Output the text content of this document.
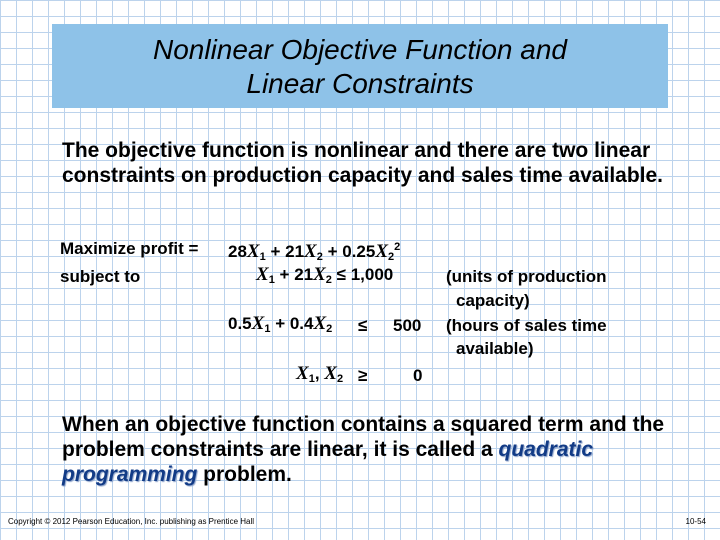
Nonlinear Objective Function and
Linear Constraints
The objective function is nonlinear and there are two linear constraints on production capacity and sales time available.
Maximize profit = $28X_1 + 21X_2 + 0.25X_2^2$
subject to	$X_1 + 21X_2 \le 1,000$	(units of production
capacity)
$0.5X_1 + 0.4X_2 \le 500$ (hours of sales time
available)
$X_1$, $X_2$ ≥	0
When an objective function contains a squared term and the problem constraints are linear, it is called a quadratic programming problem.
Copyright © 2012 Pearson Education, Inc. publishing as Prentice Hall	10-54
